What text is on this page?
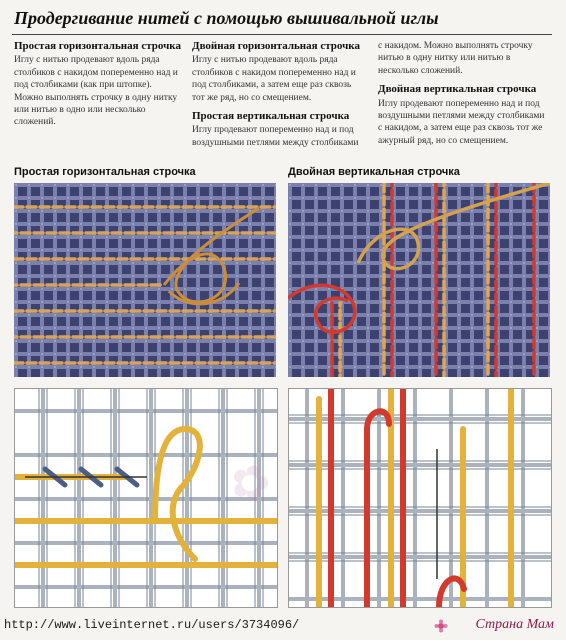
Продергивание нитей с помощью вышивальной иглы
Простая горизонтальная строчка

Иглу с нитью продевают вдоль ряда столбиков с накидом попеременно над и под столбиками (как при штопке). Можно выполнять строчку в одну нитку или нитью в одно или несколько сложений.

Двойная горизонтальная строчка

Иглу с нитью продевают вдоль ряда столбиков с накидом попеременно над и под столбиками, а затем еще раз сквозь тот же ряд, но со смещением.

Простая вертикальная строчка

Иглу продевают попеременно над и под воздушными петлями между столбиками

с накидом. Можно выполнять строчку нитью в одну нитку или нитью в несколько сложений.

Двойная вертикальная строчка

Иглу продевают попеременно над и под воздушными петлями между столбиками с накидом, а затем еще раз сквозь тот же ажурный ряд, но со смещением.

Простая горизонтальная строчка	Двойная вертикальная строчка
http://www.liveinternet.ru/users/3734096/	Страна Мам
